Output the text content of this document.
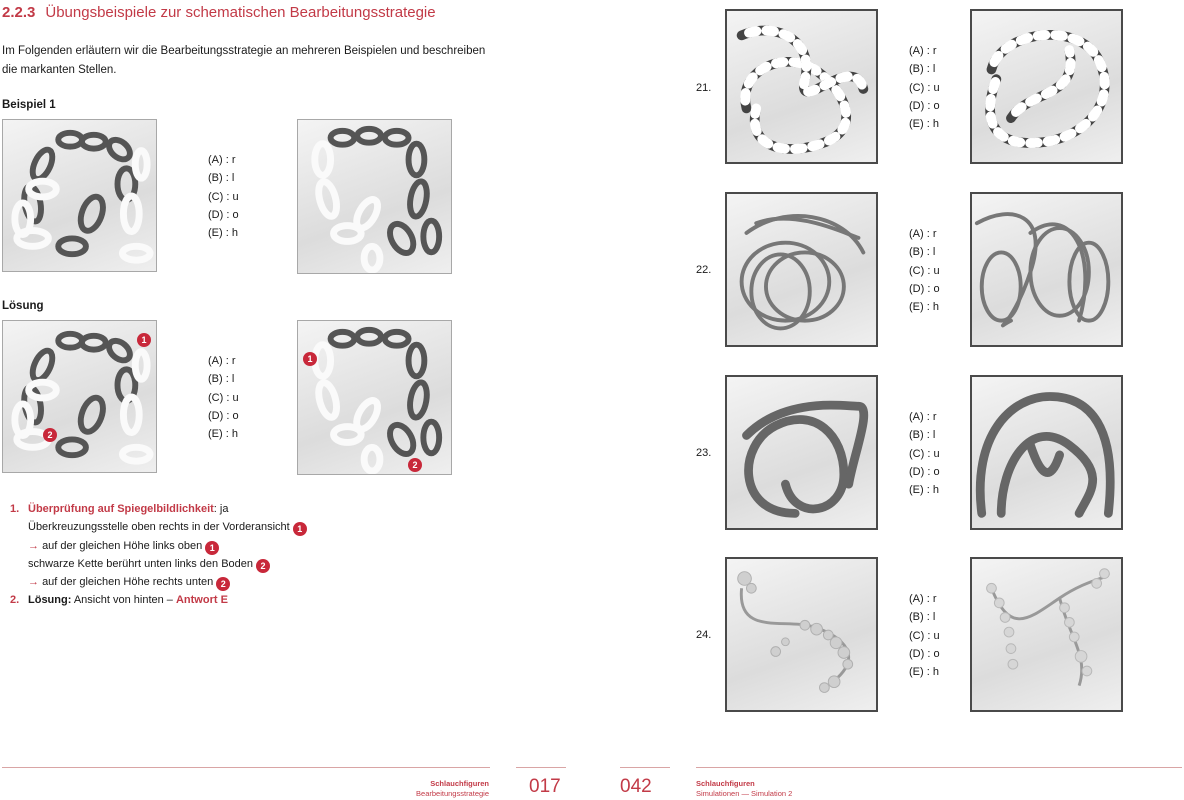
2.2.3 Übungsbeispiele zur schematischen Bearbeitungsstrategie
Im Folgenden erläutern wir die Bearbeitungsstrategie an mehreren Beispielen und beschreiben die markanten Stellen.
Beispiel 1
(A) : r
(B) : l
(C) : u
(D) : o
(E) : h
Lösung
1
2
(A) : r
(B) : l
(C) : u
(D) : o
(E) : h
1
2
1. Überprüfung auf Spiegelbildlichkeit: ja
Überkreuzungsstelle oben rechts in der Vorderansicht 1
→ auf der gleichen Höhe links oben 1
schwarze Kette berührt unten links den Boden 2
→ auf der gleichen Höhe rechts unten 2
2. Lösung: Ansicht von hinten – Antwort E
Schlauchfiguren
Bearbeitungsstrategie 017
21.
(A) : r
(B) : l
(C) : u
(D) : o
(E) : h
22.
(A) : r
(B) : l
(C) : u
(D) : o
(E) : h
23.
(A) : r
(B) : l
(C) : u
(D) : o
(E) : h
24.
(A) : r
(B) : l
(C) : u
(D) : o
(E) : h
042	Schlauchfiguren
Simulationen — Simulation 2
